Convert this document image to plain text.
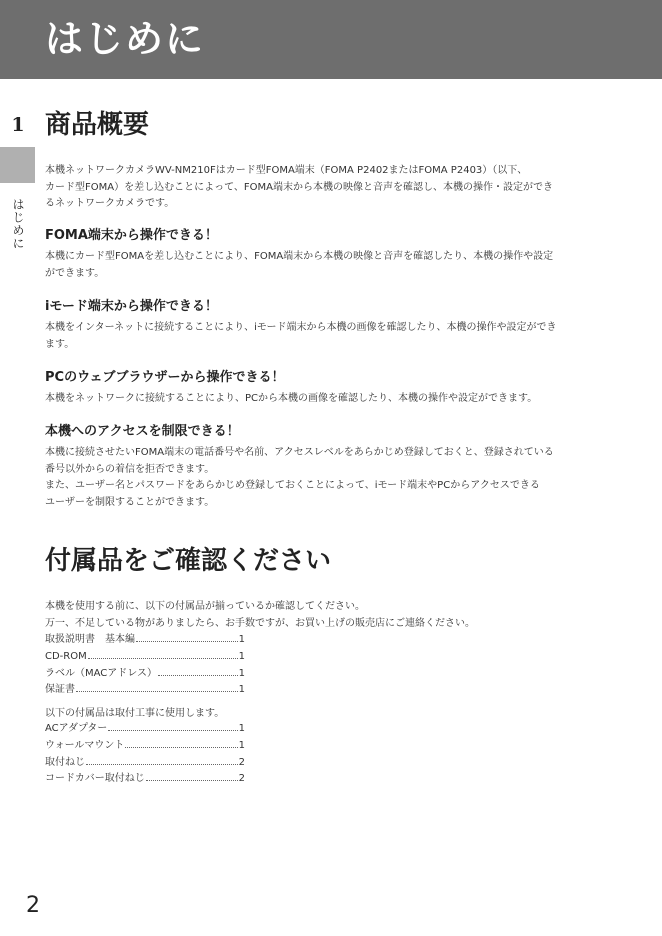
はじめに
1
はじめに
商品概要
本機ネットワークカメラWV-NM210Fはカード型FOMA端末（FOMA P2402またはFOMA P2403）（以下、
カード型FOMA）を差し込むことによって、FOMA端末から本機の映像と音声を確認し、本機の操作・設定ができ
るネットワークカメラです。
FOMA端末から操作できる！
本機にカード型FOMAを差し込むことにより、FOMA端末から本機の映像と音声を確認したり、本機の操作や設定
ができます。
iモード端末から操作できる！
本機をインターネットに接続することにより、iモード端末から本機の画像を確認したり、本機の操作や設定ができ
ます。
PCのウェブブラウザーから操作できる！
本機をネットワークに接続することにより、PCから本機の画像を確認したり、本機の操作や設定ができます。
本機へのアクセスを制限できる！
本機に接続させたいFOMA端末の電話番号や名前、アクセスレベルをあらかじめ登録しておくと、登録されている
番号以外からの着信を拒否できます。
また、ユーザー名とパスワードをあらかじめ登録しておくことによって、iモード端末やPCからアクセスできる
ユーザーを制限することができます。
付属品をご確認ください
本機を使用する前に、以下の付属品が揃っているか確認してください。
万一、不足している物がありましたら、お手数ですが、お買い上げの販売店にご連絡ください。
取扱説明書　基本編	1
CD-ROM	1
ラベル（MACアドレス）	1
保証書	1
以下の付属品は取付工事に使用します。
ACアダプター	1
ウォールマウント	1
取付ねじ	2
コードカバー取付ねじ	2
2
